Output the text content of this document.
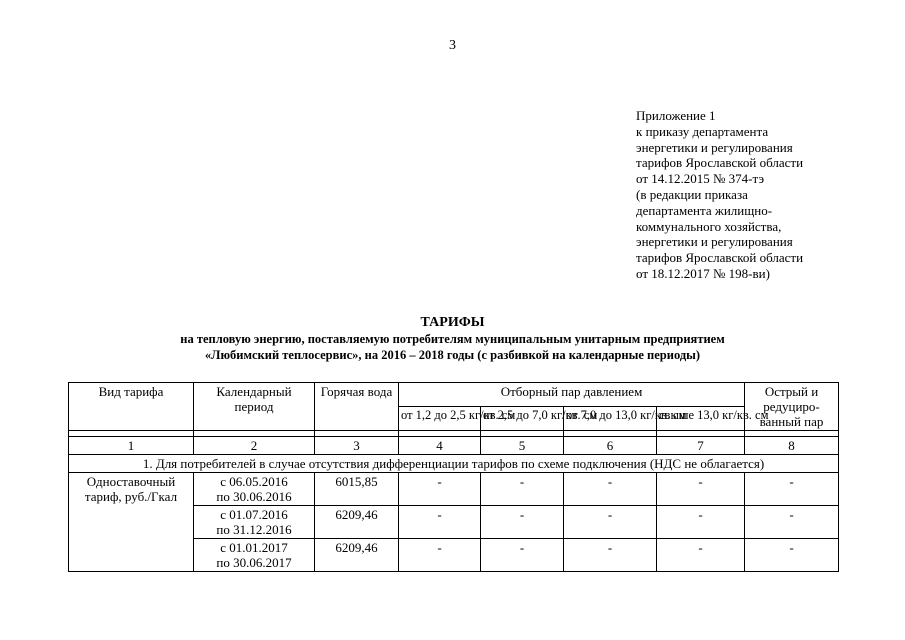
3
Приложение 1
к приказу департамента
энергетики и регулирования
тарифов Ярославской области
от 14.12.2015 № 374-тэ
(в редакции приказа
департамента жилищно-
коммунального хозяйства,
энергетики и регулирования
тарифов Ярославской области
от 18.12.2017 № 198-ви)
ТАРИФЫ
на тепловую энергию, поставляемую потребителям муниципальным унитарным предприятием
«Любимский теплосервис», на 2016 – 2018 годы (с разбивкой на календарные периоды)
Вид тарифа	Календарный период	Горячая вода	Отборный пар давлением				Острый и редуциро-ванный пар
			от 1,2 до 2,5 кг/кв. см	от 2,5 до 7,0 кг/кв. см	от 7,0 до 13,0 кг/кв. см	свыше 13,0 кг/кв. см	

1	2	3	4	5	6	7	8
1. Для потребителей в случае отсутствия дифференциации тарифов по схеме подключения (НДС не облагается)							
Одноставочный тариф, руб./Гкал	с 06.05.2016
по 30.06.2016	6015,85	-	-	-	-	-

	с 01.07.2016
по 31.12.2016	6209,46	-	-	-	-	-

	с 01.01.2017
по 30.06.2017	6209,46	-	-	-	-	-
